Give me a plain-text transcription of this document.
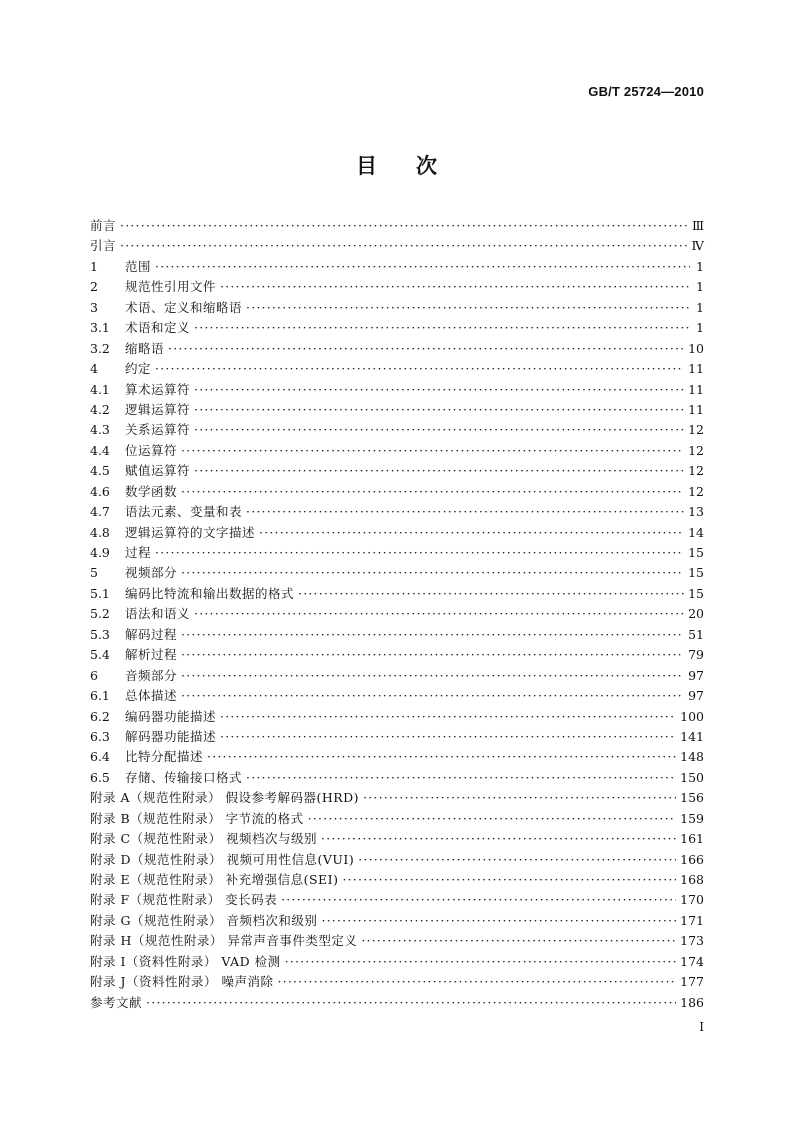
GB/T 25724—2010
目 次
前言 ·····	Ⅲ
引言 ·····	Ⅳ
1	范围 ·····	1
2	规范性引用文件 ·····	1
3	术语、定义和缩略语 ·····	1
3.1	术语和定义 ·····	1
3.2	缩略语 ·····	10
4	约定 ·····	11
4.1	算术运算符 ·····	11
4.2	逻辑运算符 ·····	11
4.3	关系运算符 ·····	12
4.4	位运算符 ·····	12
4.5	赋值运算符 ·····	12
4.6	数学函数 ·····	12
4.7	语法元素、变量和表 ·····	13
4.8	逻辑运算符的文字描述 ·····	14
4.9	过程 ·····	15
5	视频部分 ·····	15
5.1	编码比特流和输出数据的格式 ·····	15
5.2	语法和语义 ·····	20
5.3	解码过程 ·····	51
5.4	解析过程 ·····	79
6	音频部分 ·····	97
6.1	总体描述 ·····	97
6.2	编码器功能描述 ·····	100
6.3	解码器功能描述 ·····	141
6.4	比特分配描述 ·····	148
6.5	存储、传输接口格式 ·····	150
附录 A（规范性附录） 假设参考解码器(HRD) ·····	156
附录 B（规范性附录） 字节流的格式 ·····	159
附录 C（规范性附录） 视频档次与级别 ·····	161
附录 D（规范性附录） 视频可用性信息(VUI) ·····	166
附录 E（规范性附录） 补充增强信息(SEI) ·····	168
附录 F（规范性附录） 变长码表 ·····	170
附录 G（规范性附录） 音频档次和级别 ·····	171
附录 H（规范性附录） 异常声音事件类型定义 ·····	173
附录 I（资料性附录） VAD 检测 ·····	174
附录 J（资料性附录） 噪声消除 ·····	177
参考文献 ·····	186
I
